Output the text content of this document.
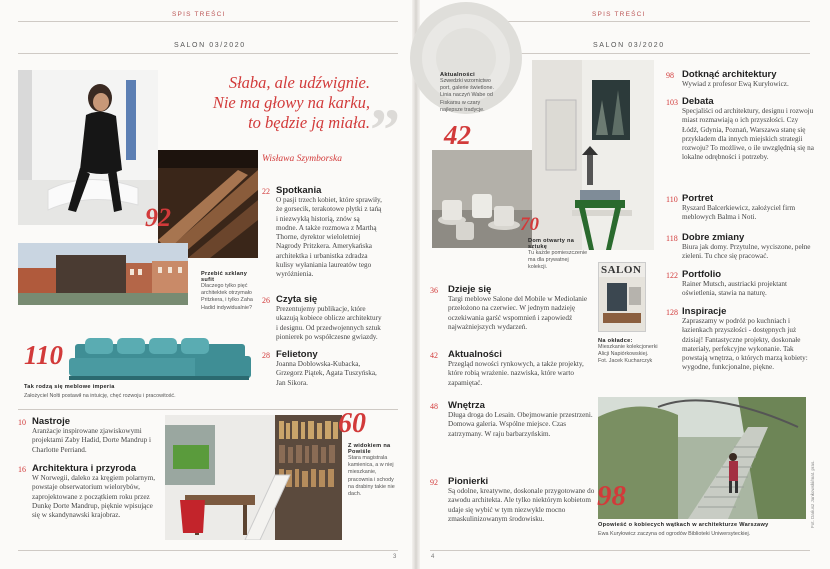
SPIS TREŚCI
SALON 03/2020
92
Słaba, ale udźwignie.
Nie ma głowy na karku,
to będzie ją miała. ”
Wisława Szymborska
Przebić szklany sufit
Dlaczego tylko pięć architektek otrzymało Pritzkera, i tylko Zaha Hadid indywidualnie?
110
Tak rodzą się meblowe imperia
Założyciel Nolti postawił na intuicję, chęć rozwoju i pracowitość.
22 Spotkania
O pasji trzech kobiet, które sprawiły, że gorsecik, terakotowe płytki z tańą i niezwykłą historią, znów są modne. A także rozmowa z Marthą Thorne, dyrektor wieloletniej Nagrody Pritzkera. Amerykańska architektka i urbanistka zdradza kulisy wyłaniania laureatów tego wyróżnienia.
26 Czyta się
Prezentujemy publikacje, które ukazują kobiece oblicze architektury i designu. Od przedwojennych sztuk pionierek po współczesne gwiazdy.
28 Felietony
Joanna Doblowska-Kubacka, Grzegorz Piątek, Agata Tuszyńska, Jan Sikora.
10 Nastroje
Aranżacje inspirowane zjawiskowymi projektami Zaby Hadid, Dorte Mandrup i Charlotte Perriand.
16 Architektura i przyroda
W Norwegii, daleko za kręgiem polarnym, powstaje obserwatorium wielorybów, zaprojektowane z początkiem roku przez Dunkę Dorte Mandrup, pięknie wpisujące się w skandynawski krajobraz.
60
Z widokiem na Powiśle
Stara magistrala kamienica, a w niej mieszkanie, pracownia i schody na drabiny takie nie dach.
3
SPIS TREŚCI
SALON 03/2020
Aktualności
Szwedzki wzornictwo port, galerie świetlone. Linia naczyń Wabe od Fiskarsu w czary najlepsze tradycje.
42
70
Dom otwarty na sztukę
Tu każde pomieszczenie ma dla prywatnej kolekcji.	SALON
Na okładce:
Mieszkanie kolekcjonerki Alicji Napiórkowskiej. Fot. Jacek Kucharczyk
36 Dzieje się
Targi meblowe Salone del Mobile w Mediolanie przełożono na czerwiec. W jednym nadzieję oczekiwania garść wspomnień i zapowiedź najważniejszych wydarzeń.
42 Aktualności
Przegląd nowości rynkowych, a także projekty, które robią wrażenie. nazwiska, które warto zapamiętać.
48 Wnętrza
Długa droga do Lesain. Obejmowanie przestrzeni. Domowa galeria. Wspólne miejsce. Czas zatrzymany. W raju barbarzyńskim.
92 Pionierki
Są odolne, kreatywne, doskonale przygotowane do zawodu architekta. Ale tylko niektórym kobietom udaje się wybić w tym niezwykle mocno zmaskulinizowanym środowisku.
98 Dotknąć architektury
Wywiad z profesor Ewą Kuryłowicz.
103 Debata
Specjaliści od architektury, designu i rozwoju miast rozmawiają o ich przyszłości. Czy Łódź, Gdynia, Poznań, Warszawa stanę się przykładem dla innych miejskich strategii rozwoju? To możliwe, o ile uwzględnią się na lokalne odrębności i potrzeby.
110 Portret
Ryszard Balcerkiewicz, założyciel firm meblowych Balma i Noti.
118 Dobre zmiany
Biura jak domy. Przytulne, wyciszone, pełne zieleni. Tu chce się pracować.
122 Portfolio
Rainer Mutsch, austriacki projektant oświetlenia, stawia na naturę.
128 Inspiracje
Zapraszamy w podróż po kuchniach i łazienkach przyszłości - dostępnych już dzisiaj! Fantastyczne projekty, doskonałe materiały, perfekcyjne wykonanie. Tak powstają wnętrza, o których marzą kobiety: wygodne, funkcjonalne, piękne.
98	Fot. Dariusz Jankowski/mat. pras.
Opowieść o kobiecych wątkach w architekturze Warszawy
Ewa Kuryłowicz zaczyna od ogrodów Biblioteki Uniwersyteckiej.
4
